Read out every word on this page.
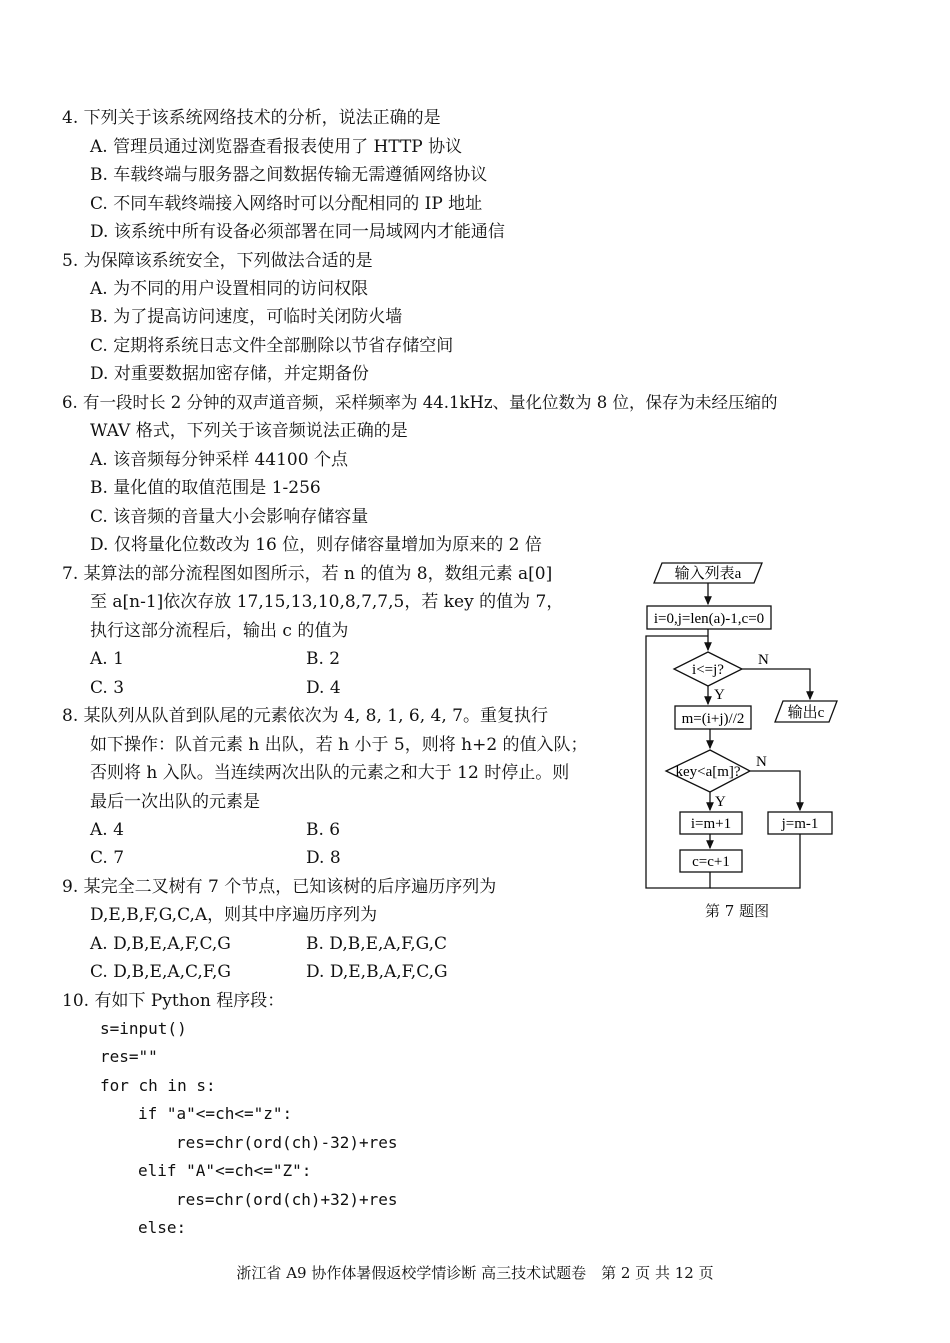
4. 下列关于该系统网络技术的分析，说法正确的是
A. 管理员通过浏览器查看报表使用了 HTTP 协议
B. 车载终端与服务器之间数据传输无需遵循网络协议
C. 不同车载终端接入网络时可以分配相同的 IP 地址
D. 该系统中所有设备必须部署在同一局域网内才能通信
5. 为保障该系统安全，下列做法合适的是
A. 为不同的用户设置相同的访问权限
B. 为了提高访问速度，可临时关闭防火墙
C. 定期将系统日志文件全部删除以节省存储空间
D. 对重要数据加密存储，并定期备份
6. 有一段时长 2 分钟的双声道音频，采样频率为 44.1kHz、量化位数为 8 位，保存为未经压缩的
WAV 格式，下列关于该音频说法正确的是
A. 该音频每分钟采样 44100 个点
B. 量化值的取值范围是 1-256
C. 该音频的音量大小会影响存储容量
D. 仅将量化位数改为 16 位，则存储容量增加为原来的 2 倍
7. 某算法的部分流程图如图所示，若 n 的值为 8，数组元素 a[0]
至 a[n-1]依次存放 17,15,13,10,8,7,7,5，若 key 的值为 7，
执行这部分流程后，输出 c 的值为
A. 1	B. 2
C. 3	D. 4
8. 某队列从队首到队尾的元素依次为 4, 8, 1, 6, 4, 7。重复执行
如下操作：队首元素 h 出队，若 h 小于 5，则将 h+2 的值入队；
否则将 h 入队。当连续两次出队的元素之和大于 12 时停止。则
最后一次出队的元素是
A. 4	B. 6
C. 7	D. 8
9. 某完全二叉树有 7 个节点，已知该树的后序遍历序列为
D,E,B,F,G,C,A，则其中序遍历序列为
A. D,B,E,A,F,C,G	B. D,B,E,A,F,G,C
C. D,B,E,A,C,F,G	D. D,E,B,A,F,C,G
10. 有如下 Python 程序段：
s=input()
res=""
for ch in s:
if "a"<=ch<="z":
res=chr(ord(ch)-32)+res
elif "A"<=ch<="Z":
res=chr(ord(ch)+32)+res
else:
输入列表a
i=0,j=len(a)-1,c=0
i<=j?
N
Y
输出c
m=(i+j)//2
key<a[m]?
N
Y
i=m+1	j=m-1
c=c+1
第 7 题图
浙江省 A9 协作体暑假返校学情诊断 高三技术试题卷　第 2 页 共 12 页
